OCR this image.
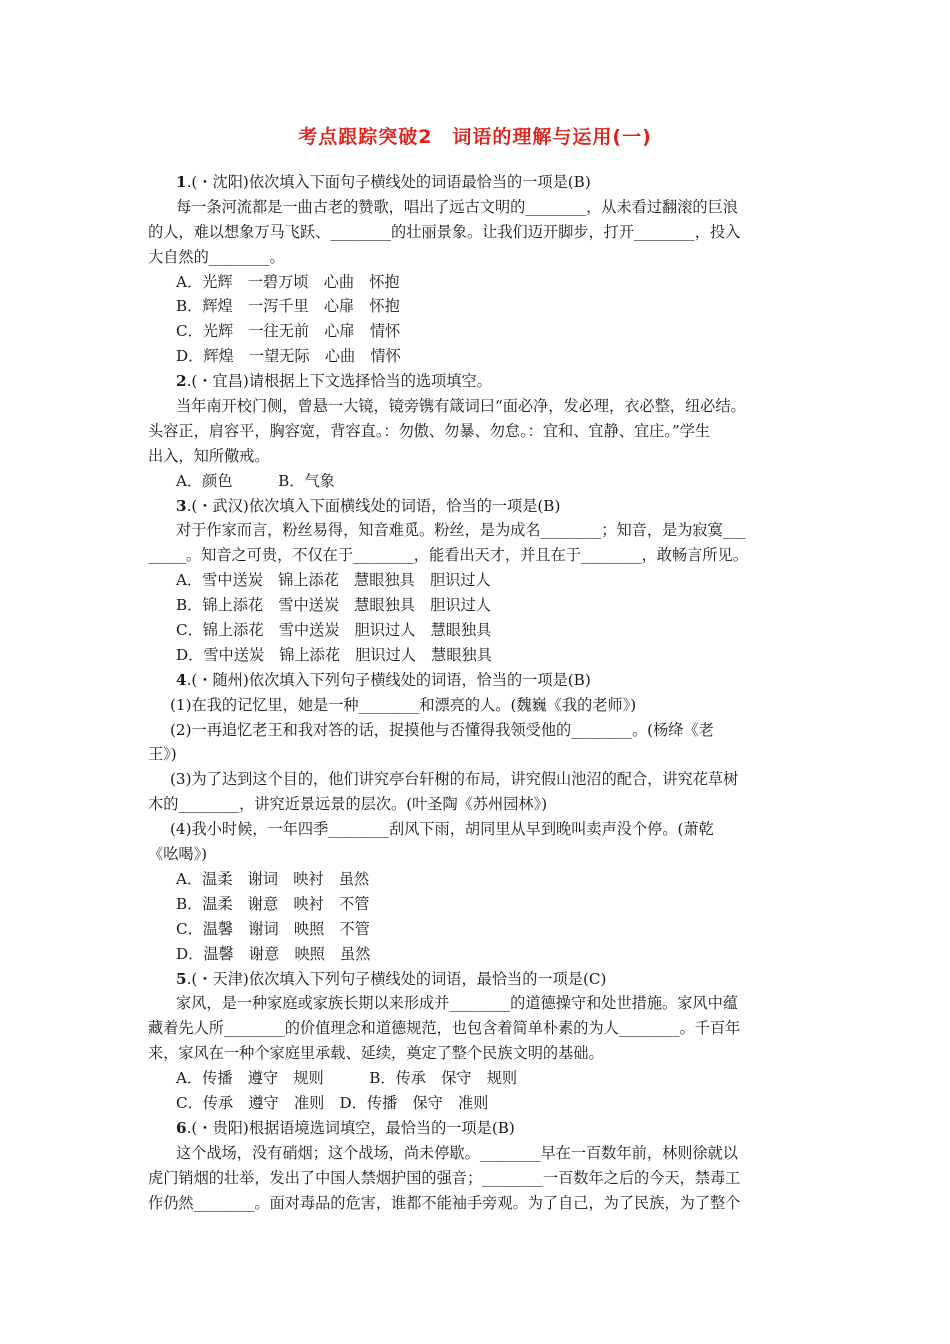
考点跟踪突破2　词语的理解与运用(一)
1.(・沈阳)依次填入下面句子横线处的词语最恰当的一项是(B)
每一条河流都是一曲古老的赞歌，唱出了远古文明的________，从未看过翻滚的巨浪
的人，难以想象万马飞跃、________的壮丽景象。让我们迈开脚步，打开________，投入
大自然的________。
A．光辉　一碧万顷　心曲　怀抱
B．辉煌　一泻千里　心扉　怀抱
C．光辉　一往无前　心扉　情怀
D．辉煌　一望无际　心曲　情怀
2.(・宜昌)请根据上下文选择恰当的选项填空。
当年南开校门侧，曾悬一大镜，镜旁镌有箴词曰“面必净，发必理，衣必整，纽必结。
头容正，肩容平，胸容宽，背容直。：勿傲、勿暴、勿怠。：宜和、宜静、宜庄。”学生
出入，知所儆戒。
A．颜色　　　B．气象
3.(・武汉)依次填入下面横线处的词语，恰当的一项是(B)
对于作家而言，粉丝易得，知音难觅。粉丝，是为成名________；知音，是为寂寞___
_____。知音之可贵，不仅在于________，能看出天才，并且在于________，敢畅言所见。
A．雪中送炭　锦上添花　慧眼独具　胆识过人
B．锦上添花　雪中送炭　慧眼独具　胆识过人
C．锦上添花　雪中送炭　胆识过人　慧眼独具
D．雪中送炭　锦上添花　胆识过人　慧眼独具
4.(・随州)依次填入下列句子横线处的词语，恰当的一项是(B)
(1)在我的记忆里，她是一种________和漂亮的人。(魏巍《我的老师》)
(2)一再追忆老王和我对答的话，捉摸他与否懂得我领受他的________。(杨绛《老
王》)
(3)为了达到这个目的，他们讲究亭台轩榭的布局，讲究假山池沼的配合，讲究花草树
木的________，讲究近景远景的层次。(叶圣陶《苏州园林》)
(4)我小时候，一年四季________刮风下雨，胡同里从早到晚叫卖声没个停。(萧乾
《吆喝》)
A．温柔　谢词　映衬　虽然
B．温柔　谢意　映衬　不管
C．温馨　谢词　映照　不管
D．温馨　谢意　映照　虽然
5.(・天津)依次填入下列句子横线处的词语，最恰当的一项是(C)
家风，是一种家庭或家族长期以来形成并________的道德操守和处世措施。家风中蕴
藏着先人所________的价值理念和道德规范，也包含着简单朴素的为人________。千百年
来，家风在一种个家庭里承载、延续，奠定了整个民族文明的基础。
A．传播　遵守　规则　　　B．传承　保守　规则
C．传承　遵守　准则　D．传播　保守　准则
6.(・贵阳)根据语境选词填空，最恰当的一项是(B)
这个战场，没有硝烟；这个战场，尚未停歇。________早在一百数年前，林则徐就以
虎门销烟的壮举，发出了中国人禁烟护国的强音；________一百数年之后的今天，禁毒工
作仍然________。面对毒品的危害，谁都不能袖手旁观。为了自己，为了民族，为了整个
